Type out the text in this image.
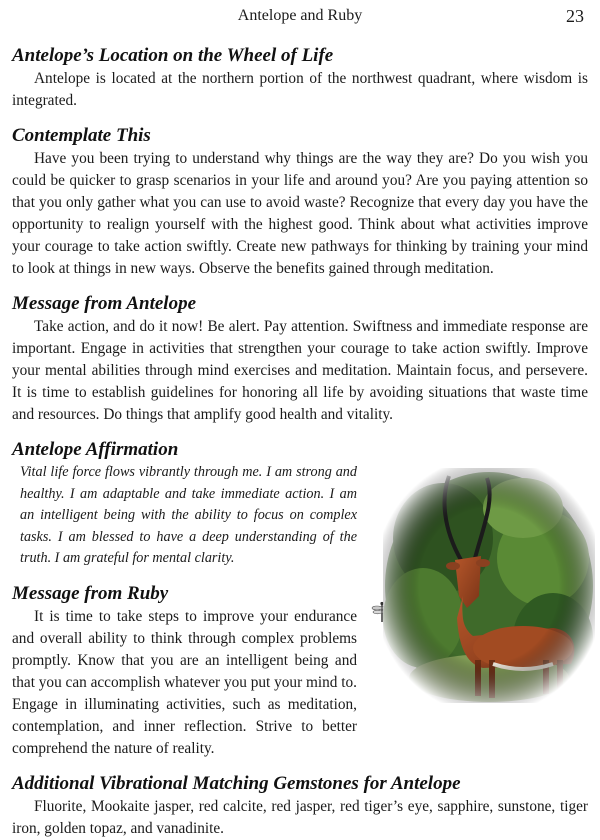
Antelope and Ruby	23
Antelope’s Location on the Wheel of Life

Antelope is located at the northern portion of the northwest quadrant, where wisdom is integrated.

Contemplate This

Have you been trying to understand why things are the way they are? Do you wish you could be quicker to grasp scenarios in your life and around you? Are you paying attention so that you only gather what you can use to avoid waste? Recognize that every day you have the opportunity to realign yourself with the highest good. Think about what activities improve your courage to take action swiftly. Create new pathways for thinking by training your mind to look at things in new ways. Observe the benefits gained through meditation.

Message from Antelope

Take action, and do it now! Be alert. Pay attention. Swiftness and immediate response are important. Engage in activities that strengthen your courage to take action swiftly. Improve your mental abilities through mind exercises and meditation. Maintain focus, and persevere. It is time to establish guidelines for honoring all life by avoiding situations that waste time and resources. Do things that amplify good health and vitality.

Antelope Affirmation

Vital life force flows vibrantly through me. I am strong and healthy. I am adaptable and take immediate action. I am an intelligent being with the ability to focus on complex tasks. I am blessed to have a deep understanding of the truth. I am grateful for mental clarity.

Message from Ruby

It is time to take steps to improve your endurance and overall ability to think through complex problems promptly. Know that you are an intelligent being and that you can accomplish whatever you put your mind to. Engage in illuminating activities, such as meditation, contemplation, and inner reflection. Strive to better comprehend the nature of reality.

Additional Vibrational Matching Gemstones for Antelope

Fluorite, Mookaite jasper, red calcite, red jasper, red tiger’s eye, sapphire, sunstone, tiger iron, golden topaz, and vanadinite.
